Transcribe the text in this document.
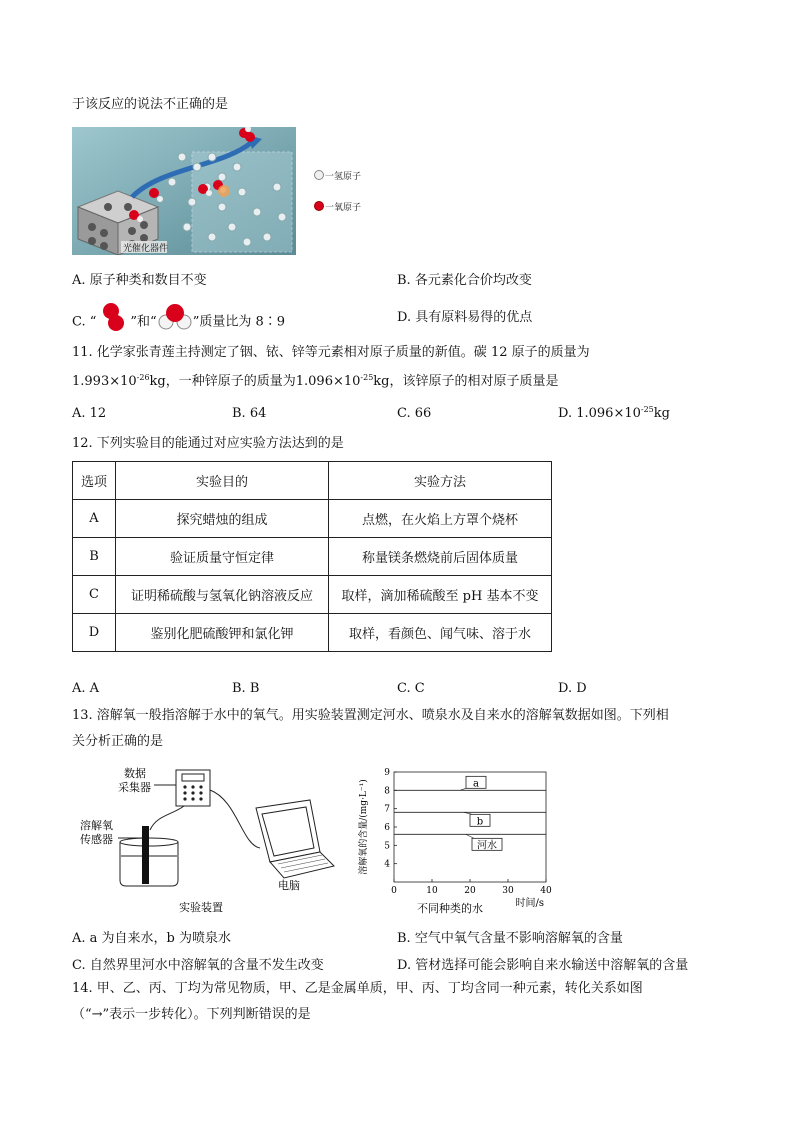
于该反应的说法不正确的是
光催化器件
一氢原子
一氧原子
A. 原子种类和数目不变	B. 各元素化合价均改变
C. “	”和“	”质量比为 8∶9	D. 具有原料易得的优点
11. 化学家张青莲主持测定了铟、铱、锌等元素相对原子质量的新值。碳 12 原子的质量为
$1.993\times 10^{-26}kg$，一种锌原子的质量为$1.096\times 10^{-25}kg$，该锌原子的相对原子质量是
A. 12	B. 64	C. 66	D. $1.096\times 10^{-25}kg$
12. 下列实验目的能通过对应实验方法达到的是
选项	实验目的	实验方法
A	探究蜡烛的组成	点燃，在火焰上方罩个烧杯
B	验证质量守恒定律	称量镁条燃烧前后固体质量
C	证明稀硫酸与氢氧化钠溶液反应	取样，滴加稀硫酸至 pH 基本不变
D	鉴别化肥硫酸钾和氯化钾	取样，看颜色、闻气味、溶于水
A. A	B. B	C. C	D. D
13. 溶解氧一般指溶解于水中的氧气。用实验装置测定河水、喷泉水及自来水的溶解氧数据如图。下列相
关分析正确的是
数据
采集器
溶解氧
传感器
电脑
实验装置
4
5
6
7
8
9
0	10	20	30	40
溶解氧的含量/(mg·L⁻¹)
时间/s
a
b
河水
不同种类的水
A. a 为自来水，b 为喷泉水	B. 空气中氧气含量不影响溶解氧的含量
C. 自然界里河水中溶解氧的含量不发生改变	D. 管材选择可能会影响自来水输送中溶解氧的含量
14. 甲、乙、丙、丁均为常见物质，甲、乙是金属单质，甲、丙、丁均含同一种元素，转化关系如图
（“→”表示一步转化）。下列判断错误的是
